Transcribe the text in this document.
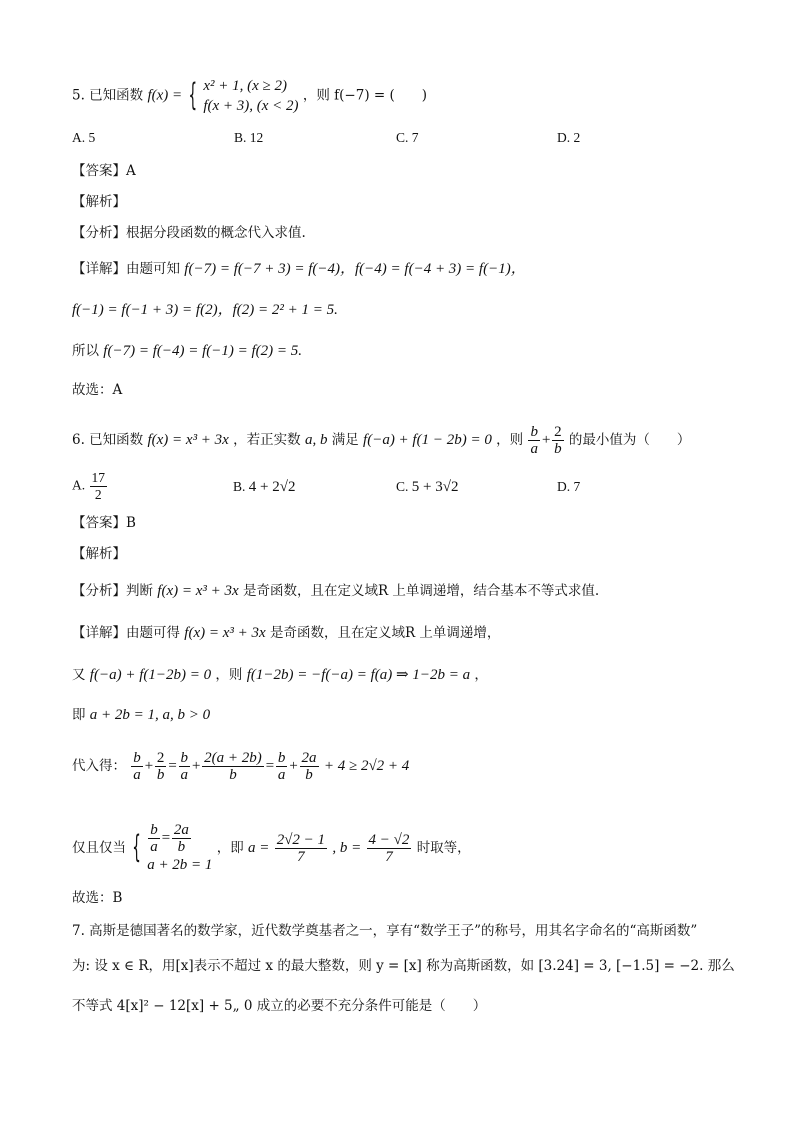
5. 已知函数 f(x) = { x² + 1, (x ≥ 2)
f(x + 3), (x < 2)
，则 f(−7) = (　　)
A. 5	B. 12	C. 7	D. 2
【答案】A
【解析】
【分析】根据分段函数的概念代入求值.
【详解】由题可知 f(−7) = f(−7 + 3) = f(−4)，f(−4) = f(−4 + 3) = f(−1)，
f(−1) = f(−1 + 3) = f(2)，f(2) = 2² + 1 = 5.
所以 f(−7) = f(−4) = f(−1) = f(2) = 5.
故选：A
6. 已知函数 f(x) = x³ + 3x ，若正实数 a, b 满足 f(−a) + f(1 − 2b) = 0 ，则 $\frac{b}{a} + \frac{2}{b}$ 的最小值为（　　）
A. $\frac{17}{2}$	B. 4 + 2√2	C. 5 + 3√2	D. 7
【答案】B
【解析】
【分析】判断 f(x) = x³ + 3x 是奇函数，且在定义域R 上单调递增，结合基本不等式求值.
【详解】由题可得 f(x) = x³ + 3x 是奇函数，且在定义域R 上单调递增，
又 f(−a) + f(1−2b) = 0 ，则 f(1−2b) = −f(−a) = f(a) ⇒ 1−2b = a ，
即 a + 2b = 1, a, b > 0
代入得： $\frac{b}{a} + \frac{2}{b} = \frac{b}{a} + \frac{2(a + 2b)}{b} = \frac{b}{a} + \frac{2a}{b} + 4 \ge 2√2 + 4$
仅且仅当 { $\frac{b}{a} = \frac{2a}{b}$
a + 2b = 1
，即 $a = \frac{2√2 - 1}{7}$ , $b = \frac{4 - √2}{7}$ 时取等，
故选：B
7. 高斯是德国著名的数学家，近代数学奠基者之一，享有“数学王子”的称号，用其名字命名的“高斯函数”
为: 设 x ∈ R，用[x]表示不超过 x 的最大整数，则 y = [x] 称为高斯函数，如 [3.24] = 3, [−1.5] = −2. 那么
不等式 4[x]² − 12[x] + 5„ 0 成立的必要不充分条件可能是（　　）
